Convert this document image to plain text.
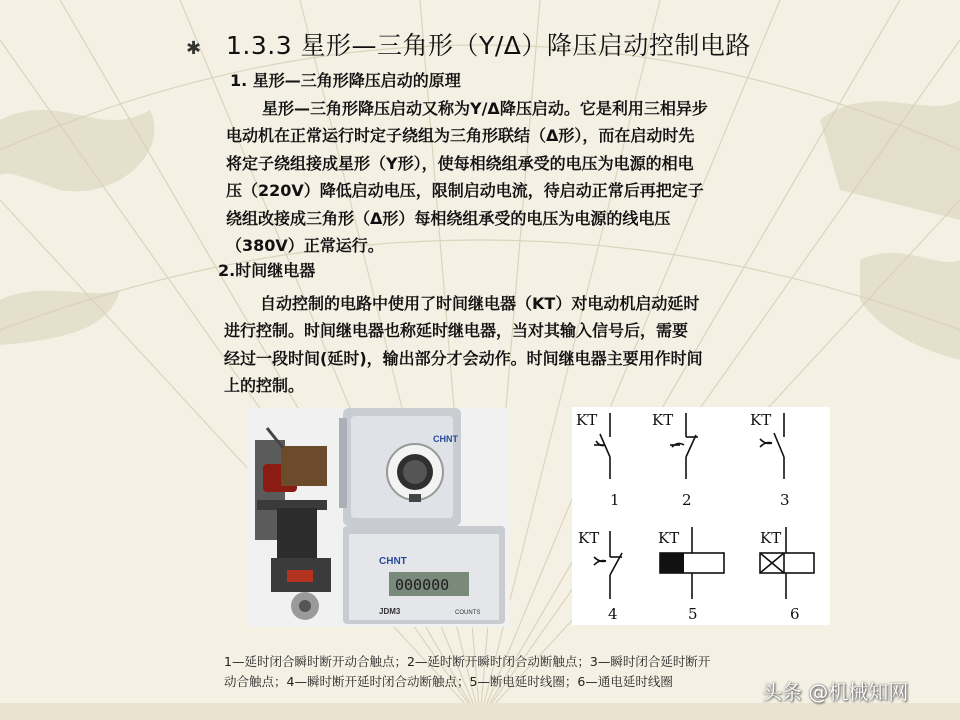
✱ 1.3.3 星形—三角形（Y/Δ）降压启动控制电路
1. 星形—三角形降压启动的原理
星形—三角形降压启动又称为Y/Δ降压启动。它是利用三相异步
电动机在正常运行时定子绕组为三角形联结（Δ形），而在启动时先
将定子绕组接成星形（Y形），使每相绕组承受的电压为电源的相电
压（220V）降低启动电压，限制启动电流，待启动正常后再把定子
绕组改接成三角形（Δ形）每相绕组承受的电压为电源的线电压
（380V）正常运行。
2.时间继电器
自动控制的电路中使用了时间继电器（KT）对电动机启动延时
进行控制。时间继电器也称延时继电器，当对其输入信号后，需要
经过一段时间(延时)，输出部分才会动作。时间继电器主要用作时间
上的控制。
CHNT
CHNT
000000
JDM3	COUNTS
KT	KT	KT
KT	KT	KT
1	2	3
4	5	6
1—延时闭合瞬时断开动合触点；2—延时断开瞬时闭合动断触点；3—瞬时闭合延时断开
动合触点；4—瞬时断开延时闭合动断触点；5—断电延时线圈；6—通电延时线圈	头条 @机械知网
